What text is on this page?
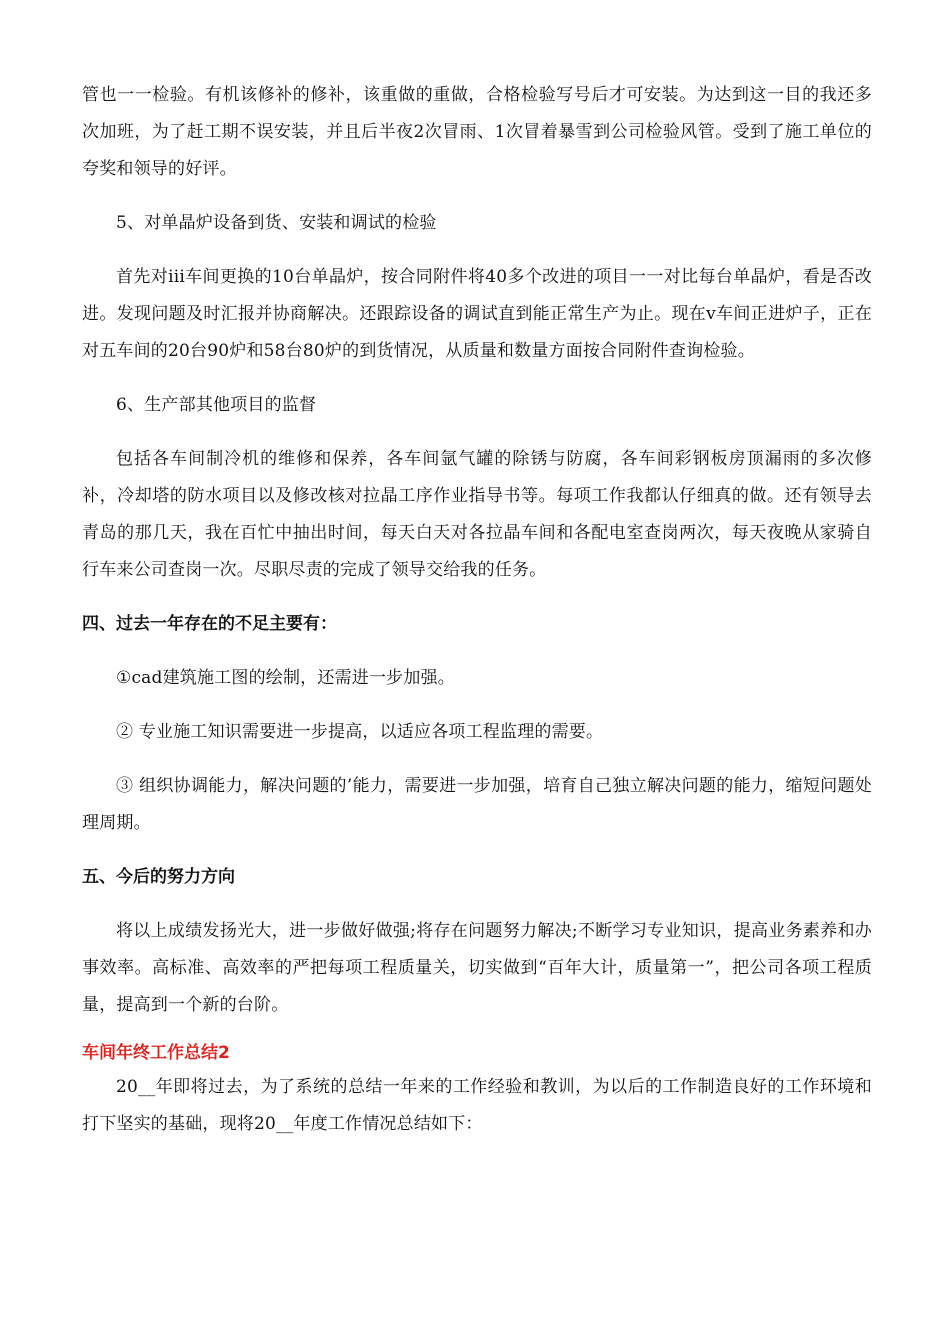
管也一一检验。有机该修补的修补，该重做的重做，合格检验写号后才可安装。为达到这一目的我还多次加班，为了赶工期不误安装，并且后半夜2次冒雨、1次冒着暴雪到公司检验风管。受到了施工单位的夸奖和领导的好评。

5、对单晶炉设备到货、安装和调试的检验

首先对iii车间更换的10台单晶炉，按合同附件将40多个改进的项目一一对比每台单晶炉，看是否改进。发现问题及时汇报并协商解决。还跟踪设备的调试直到能正常生产为止。现在v车间正进炉子，正在对五车间的20台90炉和58台80炉的到货情况，从质量和数量方面按合同附件查询检验。

6、生产部其他项目的监督

包括各车间制冷机的维修和保养，各车间氩气罐的除锈与防腐，各车间彩钢板房顶漏雨的多次修补，冷却塔的防水项目以及修改核对拉晶工序作业指导书等。每项工作我都认仔细真的做。还有领导去青岛的那几天，我在百忙中抽出时间，每天白天对各拉晶车间和各配电室查岗两次，每天夜晚从家骑自行车来公司查岗一次。尽职尽责的完成了领导交给我的任务。

四、过去一年存在的不足主要有：

①cad建筑施工图的绘制，还需进一步加强。

② 专业施工知识需要进一步提高，以适应各项工程监理的需要。

③ 组织协调能力，解决问题的’能力，需要进一步加强，培育自己独立解决问题的能力，缩短问题处理周期。

五、今后的努力方向

将以上成绩发扬光大，进一步做好做强;将存在问题努力解决;不断学习专业知识，提高业务素养和办事效率。高标准、高效率的严把每项工程质量关，切实做到“百年大计，质量第一”，把公司各项工程质量，提高到一个新的台阶。

车间年终工作总结2

20__年即将过去，为了系统的总结一年来的工作经验和教训，为以后的工作制造良好的工作环境和打下坚实的基础，现将20__年度工作情况总结如下：
